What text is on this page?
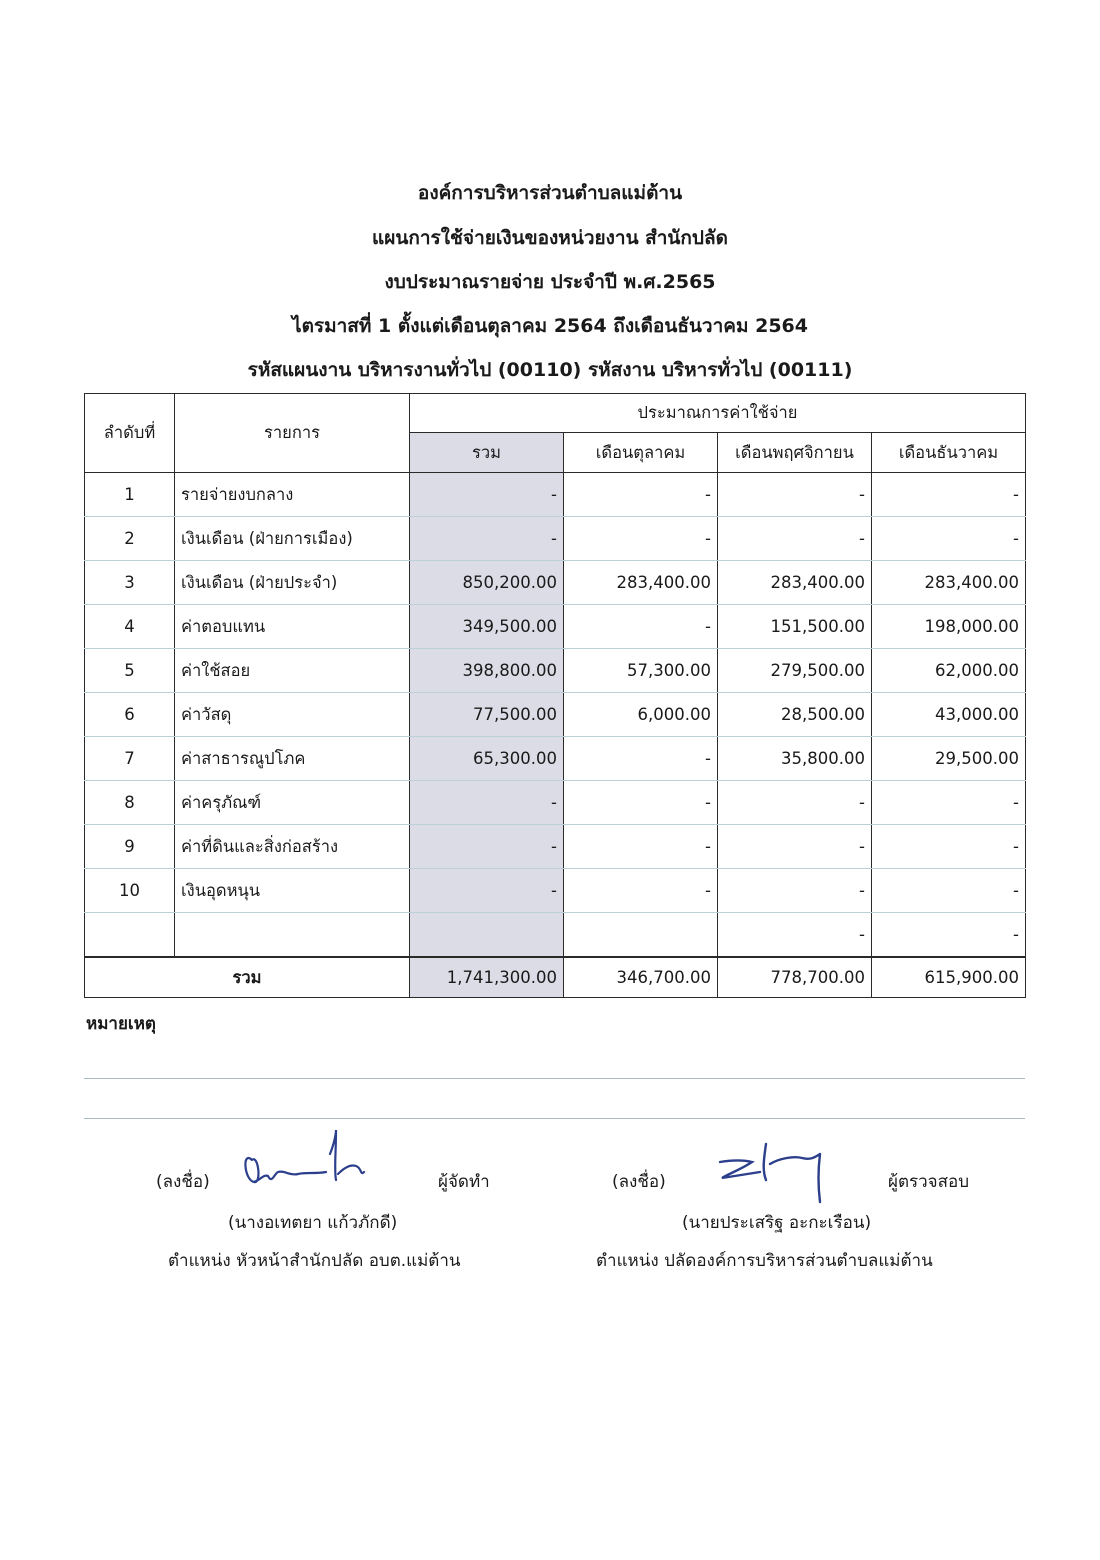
องค์การบริหารส่วนตำบลแม่ต้าน
แผนการใช้จ่ายเงินของหน่วยงาน สำนักปลัด
งบประมาณรายจ่าย ประจำปี พ.ศ.2565
ไตรมาสที่ 1 ตั้งแต่เดือนตุลาคม 2564 ถึงเดือนธันวาคม 2564
รหัสแผนงาน บริหารงานทั่วไป (00110) รหัสงาน บริหารทั่วไป (00111)
ลำดับที่	รายการ	ประมาณการค่าใช้จ่าย			
		รวม	เดือนตุลาคม	เดือนพฤศจิกายน	เดือนธันวาคม
1	รายจ่ายงบกลาง	-	-	-	-
2	เงินเดือน (ฝ่ายการเมือง)	-	-	-	-
3	เงินเดือน (ฝ่ายประจำ)	850,200.00	283,400.00	283,400.00	283,400.00
4	ค่าตอบแทน	349,500.00	-	151,500.00	198,000.00
5	ค่าใช้สอย	398,800.00	57,300.00	279,500.00	62,000.00
6	ค่าวัสดุ	77,500.00	6,000.00	28,500.00	43,000.00
7	ค่าสาธารณูปโภค	65,300.00	-	35,800.00	29,500.00
8	ค่าครุภัณฑ์	-	-	-	-
9	ค่าที่ดินและสิ่งก่อสร้าง	-	-	-	-
10	เงินอุดหนุน	-	-	-	-
				-	-
รวม		1,741,300.00	346,700.00	778,700.00	615,900.00
หมายเหตุ
(ลงชื่อ)	ผู้จัดทำ
(นางอเทตยา แก้วภักดี)
ตำแหน่ง หัวหน้าสำนักปลัด อบต.แม่ต้าน
(ลงชื่อ)	ผู้ตรวจสอบ
(นายประเสริฐ อะกะเรือน)
ตำแหน่ง ปลัดองค์การบริหารส่วนตำบลแม่ต้าน
